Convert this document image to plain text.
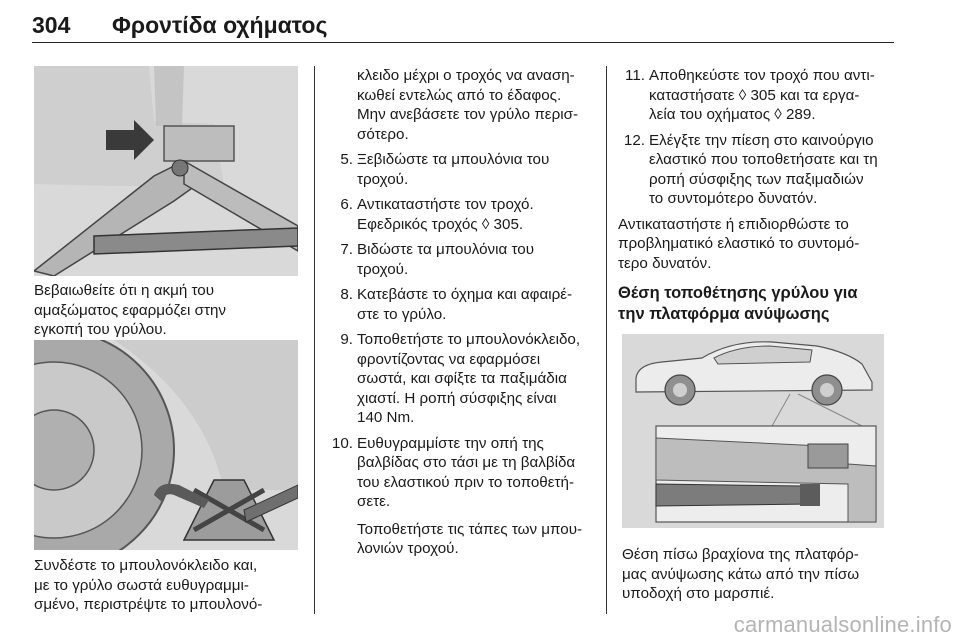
304 Φροντίδα οχήματος
Βεβαιωθείτε ότι η ακμή του
αμαξώματος εφαρμόζει στην
εγκοπή του γρύλου.
Συνδέστε το μπουλονόκλειδο και,
με το γρύλο σωστά ευθυγραμμι-
σμένο, περιστρέψτε το μπουλονό-
κλειδο μέχρι ο τροχός να αναση-
κωθεί εντελώς από το έδαφος.
Μην ανεβάσετε τον γρύλο περισ-
σότερο.
5. Ξεβιδώστε τα μπουλόνια του
τροχού.
6. Αντικαταστήστε τον τροχό.
Εφεδρικός τροχός ◊ 305.
7. Βιδώστε τα μπουλόνια του
τροχού.
8. Κατεβάστε το όχημα και αφαιρέ-
στε το γρύλο.
9. Τοποθετήστε το μπουλονόκλειδο,
φροντίζοντας να εφαρμόσει
σωστά, και σφίξτε τα παξιμάδια
χιαστί. Η ροπή σύσφιξης είναι
140 Nm.
10. Ευθυγραμμίστε την οπή της
βαλβίδας στο τάσι με τη βαλβίδα
του ελαστικού πριν το τοποθετή-
σετε.
Τοποθετήστε τις τάπες των μπου-
λονιών τροχού.
11. Αποθηκεύστε τον τροχό που αντι-
καταστήσατε ◊ 305 και τα εργα-
λεία του οχήματος ◊ 289.
12. Ελέγξτε την πίεση στο καινούργιο
ελαστικό που τοποθετήσατε και τη
ροπή σύσφιξης των παξιμαδιών
το συντομότερο δυνατόν.
Αντικαταστήστε ή επιδιορθώστε το
προβληματικό ελαστικό το συντομό-
τερο δυνατόν.
Θέση τοποθέτησης γρύλου για
την πλατφόρμα ανύψωσης
Θέση πίσω βραχίονα της πλατφόρ-
μας ανύψωσης κάτω από την πίσω
υποδοχή στο μαρσπιέ.
carmanualsonline.info
